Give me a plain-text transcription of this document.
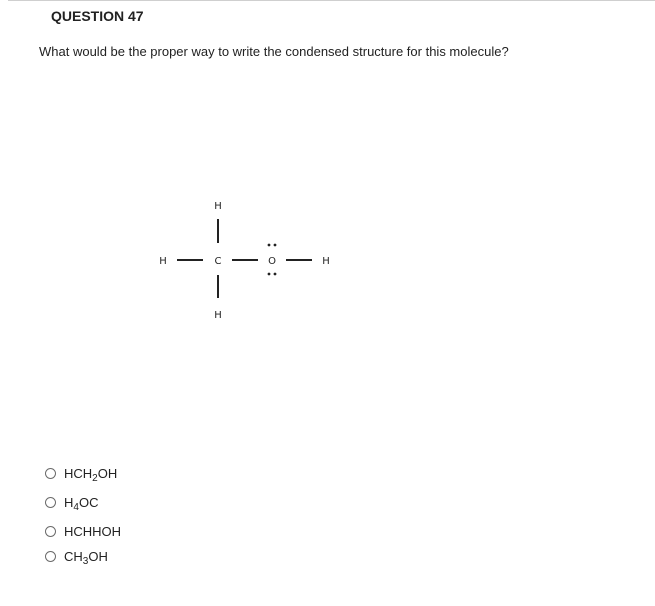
QUESTION 47
What would be the proper way to write the condensed structure for this molecule?
H	C
H
H
O	H
$HCH_2OH$
$H_4OC$
HCHHOH
$CH_3OH$
